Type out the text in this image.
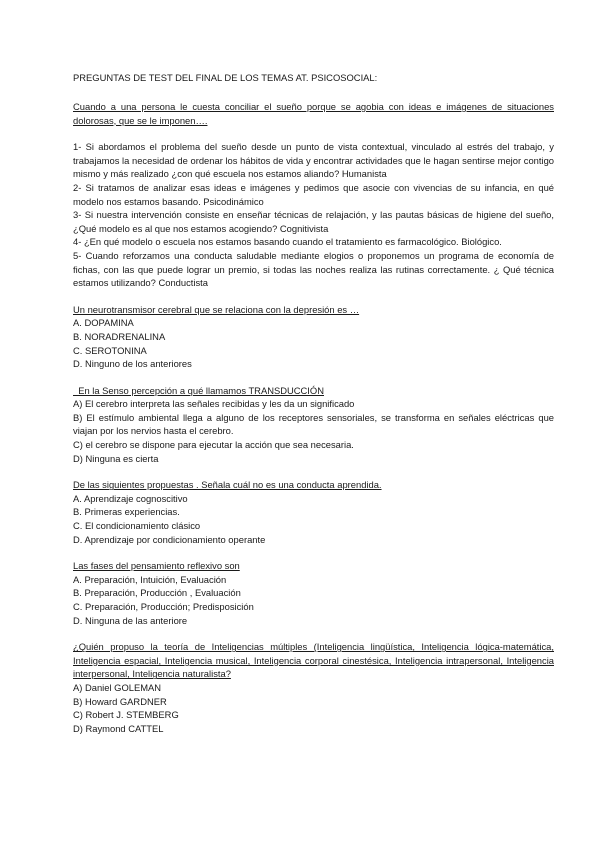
PREGUNTAS DE TEST DEL FINAL DE LOS TEMAS AT. PSICOSOCIAL:

Cuando a una persona le cuesta conciliar el sueño porque se agobia con ideas e imágenes de situaciones dolorosas, que se le imponen….

1- Si abordamos el problema del sueño desde un punto de vista contextual, vinculado al estrés del trabajo, y trabajamos la necesidad de ordenar los hábitos de vida y encontrar actividades que le hagan sentirse mejor contigo mismo y más realizado ¿con qué escuela nos estamos aliando? Humanista

2- Si tratamos de analizar esas ideas e imágenes y pedimos que asocie con vivencias de su infancia, en qué modelo nos estamos basando. Psicodinámico

3- Si nuestra intervención consiste en enseñar técnicas de relajación, y las pautas básicas de higiene del sueño, ¿Qué modelo es al que nos estamos acogiendo? Cognitivista

4- ¿En qué modelo o escuela nos estamos basando cuando el tratamiento es farmacológico. Biológico.

5- Cuando reforzamos una conducta saludable mediante elogios o proponemos un programa de economía de fichas, con las que puede lograr un premio, si todas las noches realiza las rutinas correctamente. ¿ Qué técnica estamos utilizando? Conductista

Un neurotransmisor cerebral que se relaciona con la depresión es …

A. DOPAMINA
B. NORADRENALINA
C. SEROTONINA
D. Ninguno de los anteriores

En la Senso percepción a qué llamamos TRANSDUCCIÓN

A) El cerebro interpreta las señales recibidas y les da un significado
B) El estímulo ambiental llega a alguno de los receptores sensoriales, se transforma en señales eléctricas que viajan por los nervios hasta el cerebro.
C) el cerebro se dispone para ejecutar la acción que sea necesaria.
D) Ninguna es cierta

De las siguientes propuestas . Señala cuál no es una conducta aprendida.

A. Aprendizaje cognoscitivo
B. Primeras experiencias.
C. El condicionamiento clásico
D. Aprendizaje por condicionamiento operante

Las fases del pensamiento reflexivo son

A. Preparación, Intuición, Evaluación
B. Preparación, Producción , Evaluación
C. Preparación, Producción; Predisposición
D. Ninguna de las anteriore

¿Quién propuso la teoría de Inteligencias múltiples (Inteligencia lingüística, Inteligencia lógica-matemática, Inteligencia espacial, Inteligencia musical, Inteligencia corporal cinestésica, Inteligencia intrapersonal, Inteligencia interpersonal, Inteligencia naturalista?

A) Daniel GOLEMAN
B) Howard GARDNER
C) Robert J. STEMBERG
D) Raymond CATTEL
